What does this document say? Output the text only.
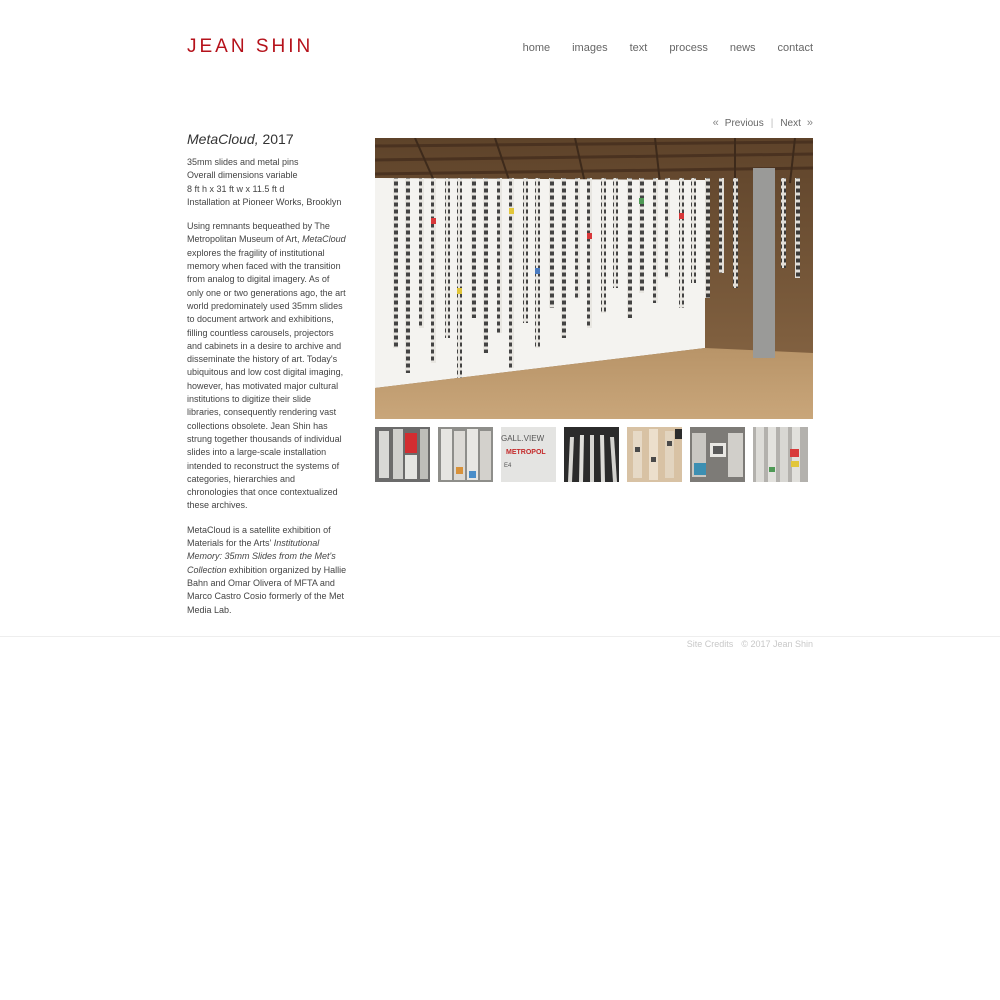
JEAN SHIN	home images text process news contact
« Previous | Next »
MetaCloud, 2017
35mm slides and metal pins
Overall dimensions variable
8 ft h x 31 ft w x 11.5 ft d
Installation at Pioneer Works, Brooklyn

Using remnants bequeathed by The Metropolitan Museum of Art, MetaCloud explores the fragility of institutional memory when faced with the transition from analog to digital imagery. As of only one or two generations ago, the art world predominately used 35mm slides to document artwork and exhibitions, filling countless carousels, projectors and cabinets in a desire to archive and disseminate the history of art. Today's ubiquitous and low cost digital imaging, however, has motivated major cultural institutions to digitize their slide libraries, consequently rendering vast collections obsolete. Jean Shin has strung together thousands of individual slides into a large-scale installation intended to reconstruct the systems of categories, hierarchies and chronologies that once contextualized these archives.

MetaCloud is a satellite exhibition of Materials for the Arts' Institutional Memory: 35mm Slides from the Met's Collection exhibition organized by Hallie Bahn and Omar Olivera of MFTA and Marco Castro Cosio formerly of the Met Media Lab.

GALL.VIEW
METROPOL
E4
Site Credits © 2017 Jean Shin
